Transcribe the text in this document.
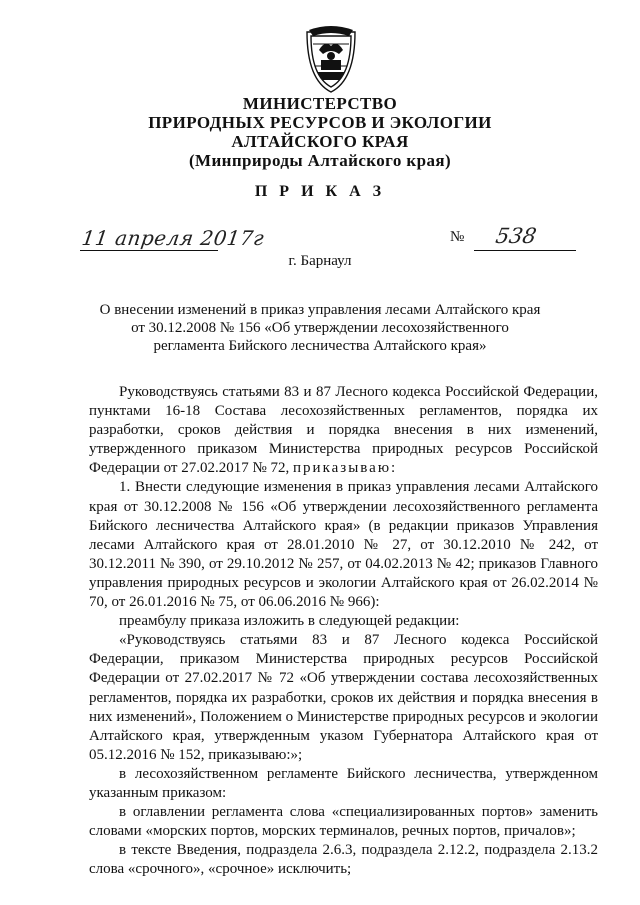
МИНИСТЕРСТВО
ПРИРОДНЫХ РЕСУРСОВ И ЭКОЛОГИИ
АЛТАЙСКОГО КРАЯ
(Минприроды Алтайского края)
П Р И К А З
11 апреля 2017г	№ 538
г. Барнаул
О внесении изменений в приказ управления лесами Алтайского края
от 30.12.2008 № 156 «Об утверждении лесохозяйственного
регламента Бийского лесничества Алтайского края»

Руководствуясь статьями 83 и 87 Лесного кодекса Российской Федерации, пунктами 16-18 Состава лесохозяйственных регламентов, порядка их разработки, сроков действия и порядка внесения в них изменений, утвержденного приказом Министерства природных ресурсов Российской Федерации от 27.02.2017 № 72, приказываю:

1. Внести следующие изменения в приказ управления лесами Алтайского края от 30.12.2008 № 156 «Об утверждении лесохозяйственного регламента Бийского лесничества Алтайского края» (в редакции приказов Управления лесами Алтайского края от 28.01.2010 № 27, от 30.12.2010 № 242, от 30.12.2011 № 390, от 29.10.2012 № 257, от 04.02.2013 № 42; приказов Главного управления природных ресурсов и экологии Алтайского края от 26.02.2014 № 70, от 26.01.2016 № 75, от 06.06.2016 № 966):

преамбулу приказа изложить в следующей редакции:

«Руководствуясь статьями 83 и 87 Лесного кодекса Российской Федерации, приказом Министерства природных ресурсов Российской Федерации от 27.02.2017 № 72 «Об утверждении состава лесохозяйственных регламентов, порядка их разработки, сроков их действия и порядка внесения в них изменений», Положением о Министерстве природных ресурсов и экологии Алтайского края, утвержденным указом Губернатора Алтайского края от 05.12.2016 № 152, приказываю:»;

в лесохозяйственном регламенте Бийского лесничества, утвержденном указанным приказом:

в оглавлении регламента слова «специализированных портов» заменить словами «морских портов, морских терминалов, речных портов, причалов»;

в тексте Введения, подраздела 2.6.3, подраздела 2.12.2, подраздела 2.13.2 слова «срочного», «срочное» исключить;
